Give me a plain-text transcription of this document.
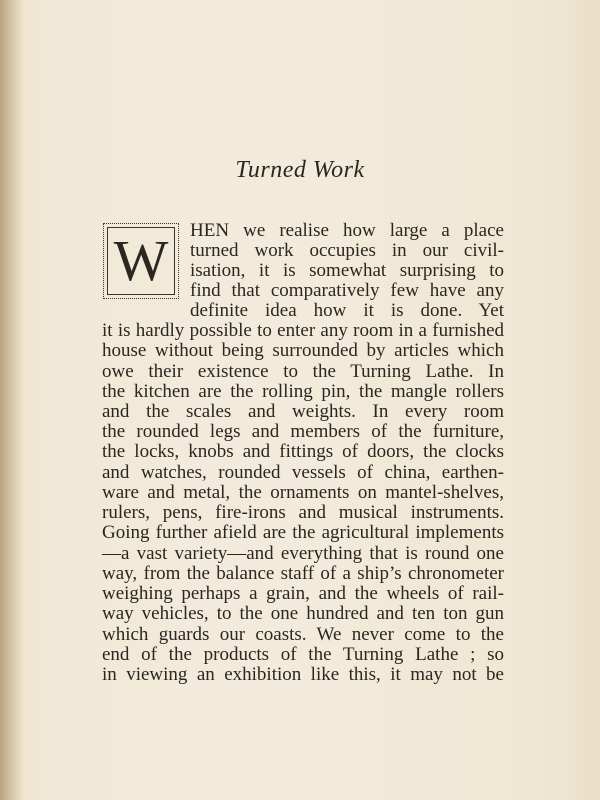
Turned Work
W	HEN we realise how large a place
turned work occupies in our civil-
isation, it is somewhat surprising to
find that comparatively few have any
definite idea how it is done. Yet
it is hardly possible to enter any room in a furnished
house without being surrounded by articles which
owe their existence to the Turning Lathe. In
the kitchen are the rolling pin, the mangle rollers
and the scales and weights. In every room
the rounded legs and members of the furniture,
the locks, knobs and fittings of doors, the clocks
and watches, rounded vessels of china, earthen-
ware and metal, the ornaments on mantel-shelves,
rulers, pens, fire-irons and musical instruments.
Going further afield are the agricultural implements
—a vast variety—and everything that is round one
way, from the balance staff of a ship’s chronometer
weighing perhaps a grain, and the wheels of rail-
way vehicles, to the one hundred and ten ton gun
which guards our coasts. We never come to the
end of the products of the Turning Lathe ; so
in viewing an exhibition like this, it may not be
